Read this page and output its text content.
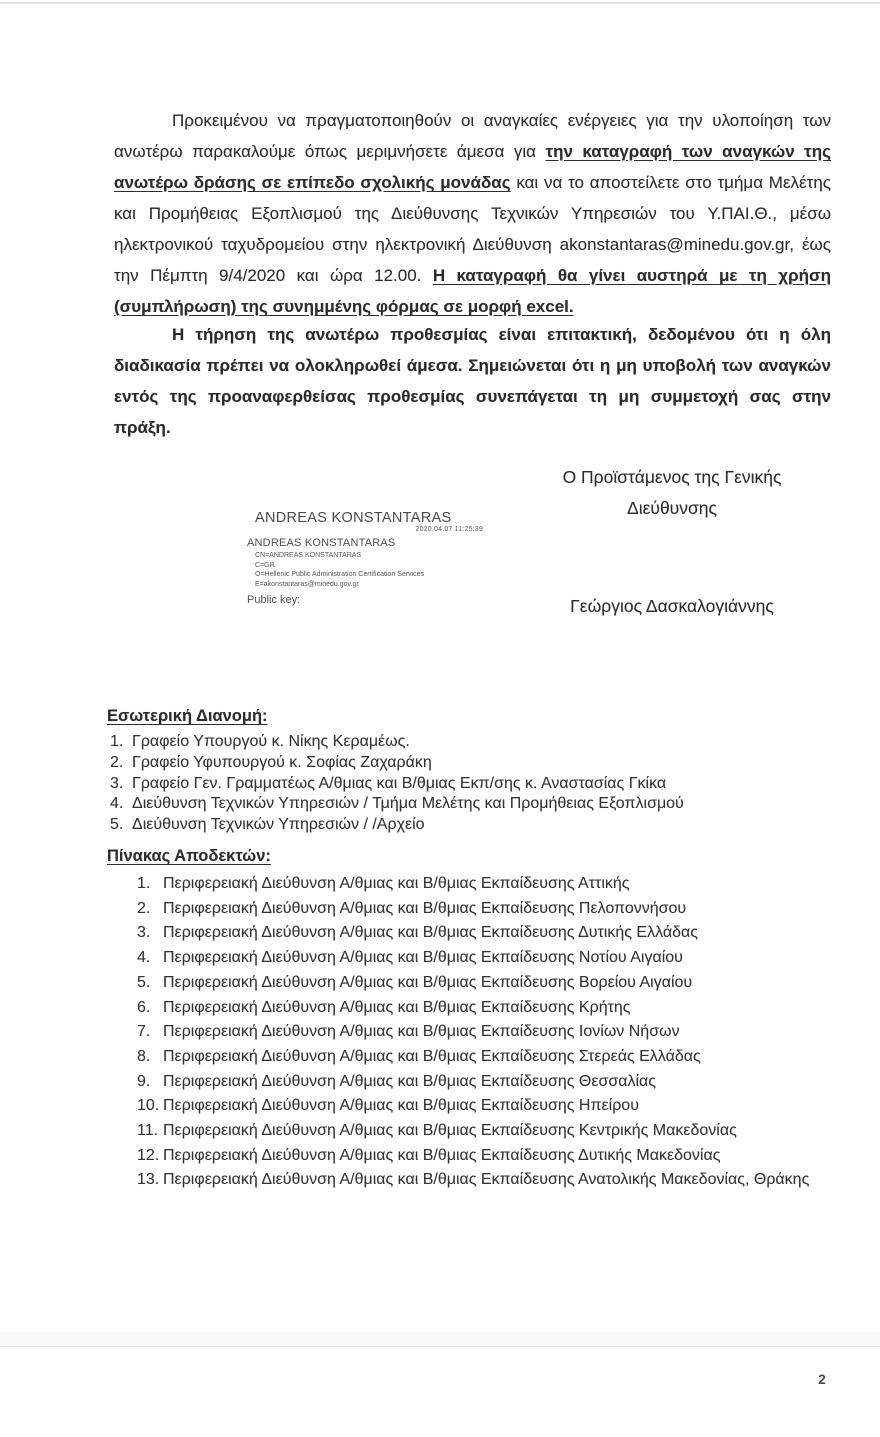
Προκειμένου να πραγματοποιηθούν οι αναγκαίες ενέργειες για την υλοποίηση των ανωτέρω παρακαλούμε όπως μεριμνήσετε άμεσα για την καταγραφή των αναγκών της ανωτέρω δράσης σε επίπεδο σχολικής μονάδας και να το αποστείλετε στο τμήμα Μελέτης και Προμήθειας Εξοπλισμού της Διεύθυνσης Τεχνικών Υπηρεσιών του Υ.ΠΑΙ.Θ., μέσω ηλεκτρονικού ταχυδρομείου στην ηλεκτρονική Διεύθυνση akonstantaras@minedu.gov.gr, έως την Πέμπτη 9/4/2020 και ώρα 12.00. Η καταγραφή θα γίνει αυστηρά με τη χρήση (συμπλήρωση) της συνημμένης φόρμας σε μορφή excel.

Η τήρηση της ανωτέρω προθεσμίας είναι επιτακτική, δεδομένου ότι η όλη διαδικασία πρέπει να ολοκληρωθεί άμεσα. Σημειώνεται ότι η μη υποβολή των αναγκών εντός της προαναφερθείσας προθεσμίας συνεπάγεται τη μη συμμετοχή σας στην πράξη.

Ο Προϊστάμενος της Γενικής
Διεύθυνσης
ANDREAS KONSTANTARAS
2020.04.07 11:25:39
ANDREAS KONSTANTARAS
CN=ANDREAS KONSTANTARAS
C=GR
O=Hellenic Public Administration Certification Services
E=akonstantaras@minedu.gov.gr
Public key:	Γεώργιος Δασκαλογιάννης
Εσωτερική Διανομή:
1. Γραφείο Υπουργού κ. Νίκης Κεραμέως.
2. Γραφείο Υφυπουργού κ. Σοφίας Ζαχαράκη
3. Γραφείο Γεν. Γραμματέως Α/θμιας και Β/θμιας Εκπ/σης κ. Αναστασίας Γκίκα
4. Διεύθυνση Τεχνικών Υπηρεσιών / Τμήμα Μελέτης και Προμήθειας Εξοπλισμού
5. Διεύθυνση Τεχνικών Υπηρεσιών / /Αρχείο
Πίνακας Αποδεκτών:
1. Περιφερειακή Διεύθυνση Α/θμιας και Β/θμιας Εκπαίδευσης Αττικής
2. Περιφερειακή Διεύθυνση Α/θμιας και Β/θμιας Εκπαίδευσης Πελοποννήσου
3. Περιφερειακή Διεύθυνση Α/θμιας και Β/θμιας Εκπαίδευσης Δυτικής Ελλάδας
4. Περιφερειακή Διεύθυνση Α/θμιας και Β/θμιας Εκπαίδευσης Νοτίου Αιγαίου
5. Περιφερειακή Διεύθυνση Α/θμιας και Β/θμιας Εκπαίδευσης Βορείου Αιγαίου
6. Περιφερειακή Διεύθυνση Α/θμιας και Β/θμιας Εκπαίδευσης Κρήτης
7. Περιφερειακή Διεύθυνση Α/θμιας και Β/θμιας Εκπαίδευσης Ιονίων Νήσων
8. Περιφερειακή Διεύθυνση Α/θμιας και Β/θμιας Εκπαίδευσης Στερεάς Ελλάδας
9. Περιφερειακή Διεύθυνση Α/θμιας και Β/θμιας Εκπαίδευσης Θεσσαλίας
10. Περιφερειακή Διεύθυνση Α/θμιας και Β/θμιας Εκπαίδευσης Ηπείρου
11. Περιφερειακή Διεύθυνση Α/θμιας και Β/θμιας Εκπαίδευσης Κεντρικής Μακεδονίας
12. Περιφερειακή Διεύθυνση Α/θμιας και Β/θμιας Εκπαίδευσης Δυτικής Μακεδονίας
13. Περιφερειακή Διεύθυνση Α/θμιας και Β/θμιας Εκπαίδευσης Ανατολικής Μακεδονίας, Θράκης
2
